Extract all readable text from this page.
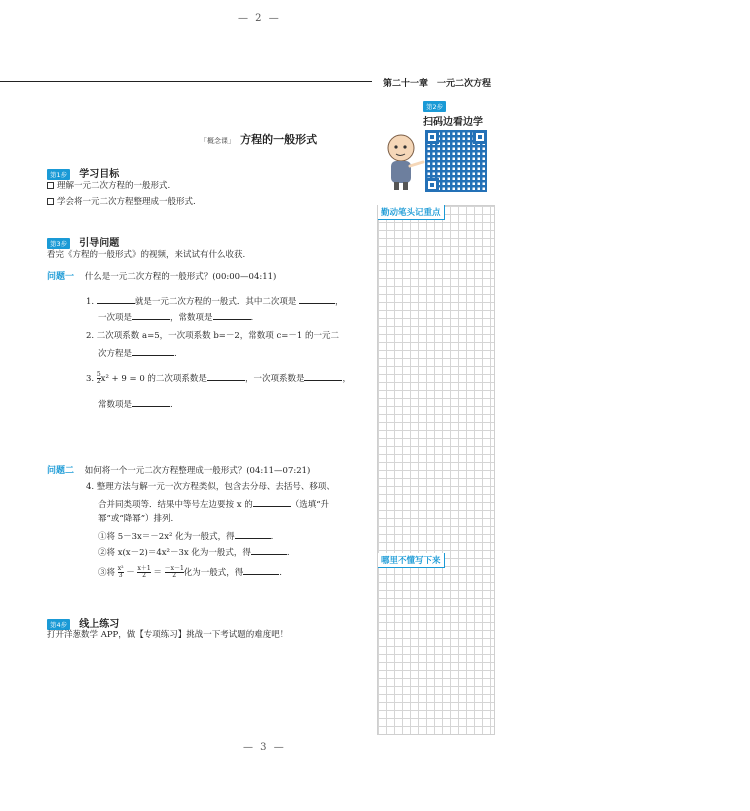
— 2 —
第二十一章　一元二次方程
「概念课」 方程的一般形式
第2步
扫码边看边学
勤动笔头记重点
哪里不懂写下来
第1步 学习目标
理解一元二次方程的一般形式.
学会将一元二次方程整理成一般形式.
第3步 引导问题
看完《方程的一般形式》的视频，来试试有什么收获.
问题一 什么是一元二次方程的一般形式？(00:00—04:11)
1.	就是一元二次方程的一般式．其中二次项是	，
一次项是	，常数项是	.
2. 二次项系数 a=5，一次项系数 b=－2，常数项 c=－1 的一元二
次方程是	.
3. $\frac{5}{2} x^2 + 9 = 0$ 的二次项系数是	，一次项系数是	，
常数项是	.
问题二 如何将一个一元二次方程整理成一般形式？(04:11—07:21)
4. 整理方法与解一元一次方程类似，包含去分母、去括号、移项、
合并同类项等．结果中等号左边要按 x 的	（选填“升
幂”或“降幂”）排列.
①将 5－3x＝－2x² 化为一般式，得	.
②将 x(x－2)＝4x²－3x 化为一般式，得	.
③将 $\frac{\text{x²}}{3} - \frac{x+1}{2} = \frac{-x-1}{2}$ 化为一般式，得	.
第4步 线上练习
打开洋葱数学 APP，做【专项练习】挑战一下考试题的难度吧！
— 3 —
